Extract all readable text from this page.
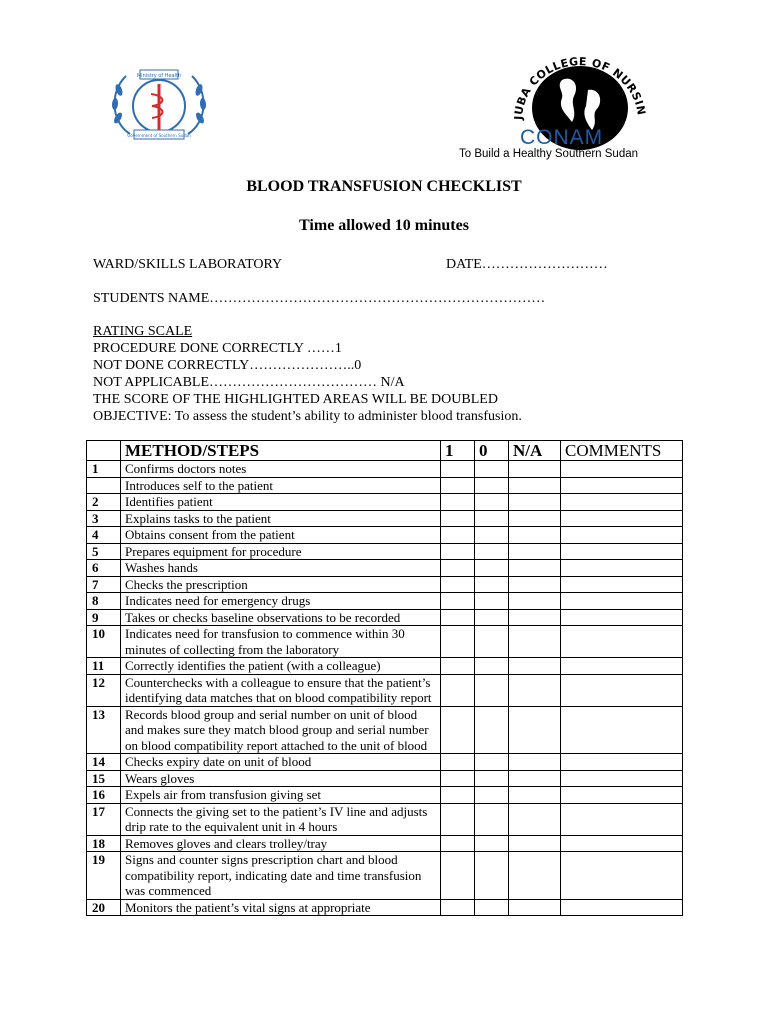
Ministry of Health
Government of Southern Sudan
JUBA COLLEGE OF NURSIN
CONAM
To Build a Healthy Southern Sudan
BLOOD TRANSFUSION CHECKLIST
Time allowed 10 minutes
WARD/SKILLS LABORATORY	DATE………………………
STUDENTS NAME………………………………………………………………
RATING SCALE
PROCEDURE DONE CORRECTLY ……1
NOT DONE CORRECTLY…………………..0
NOT APPLICABLE……………………………… N/A
THE SCORE OF THE HIGHLIGHTED AREAS WILL BE DOUBLED
OBJECTIVE: To assess the student’s ability to administer blood transfusion.
	METHOD/STEPS	1	0	N/A	COMMENTS
1	Confirms doctors notes				
	Introduces self to the patient				
2	Identifies patient				
3	Explains tasks to the patient				
4	Obtains consent from the patient				
5	Prepares equipment for procedure				
6	Washes hands				
7	Checks the prescription				
8	Indicates need for emergency drugs				
9	Takes or checks baseline observations to be recorded				
10	Indicates need for transfusion to commence within 30 minutes of collecting from the laboratory				
11	Correctly identifies the patient (with a colleague)				
12	Counterchecks with a colleague to ensure that the patient’s identifying data matches that on blood compatibility report				
13	Records blood group and serial number on unit of blood and makes sure they match blood group and serial number on blood compatibility report attached to the unit of blood				
14	Checks expiry date on unit of blood				
15	Wears gloves				
16	Expels air from transfusion giving set				
17	Connects the giving set to the patient’s IV line and adjusts drip rate to the equivalent unit in 4 hours				
18	Removes gloves and clears trolley/tray				
19	Signs and counter signs prescription chart and blood compatibility report, indicating date and time transfusion was commenced				
20	Monitors the patient’s vital signs at appropriate				
